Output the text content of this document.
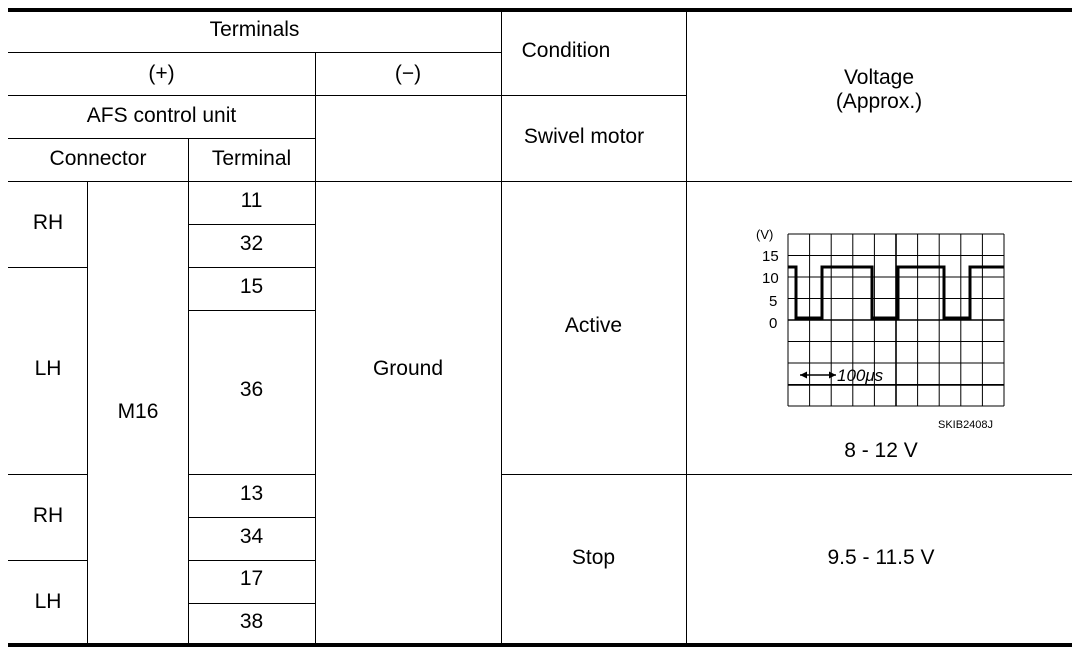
Terminals
(+)	(−)
Condition
Voltage
(Approx.)
AFS control unit
Connector	Terminal
Swivel motor
RH
LH
RH
LH
M16
11
32
15
36
13
34
17
38
Ground
Active
Stop
8 - 12 V
9.5 - 11.5 V
(V)
15
10
5
0
100μs
SKIB2408J
